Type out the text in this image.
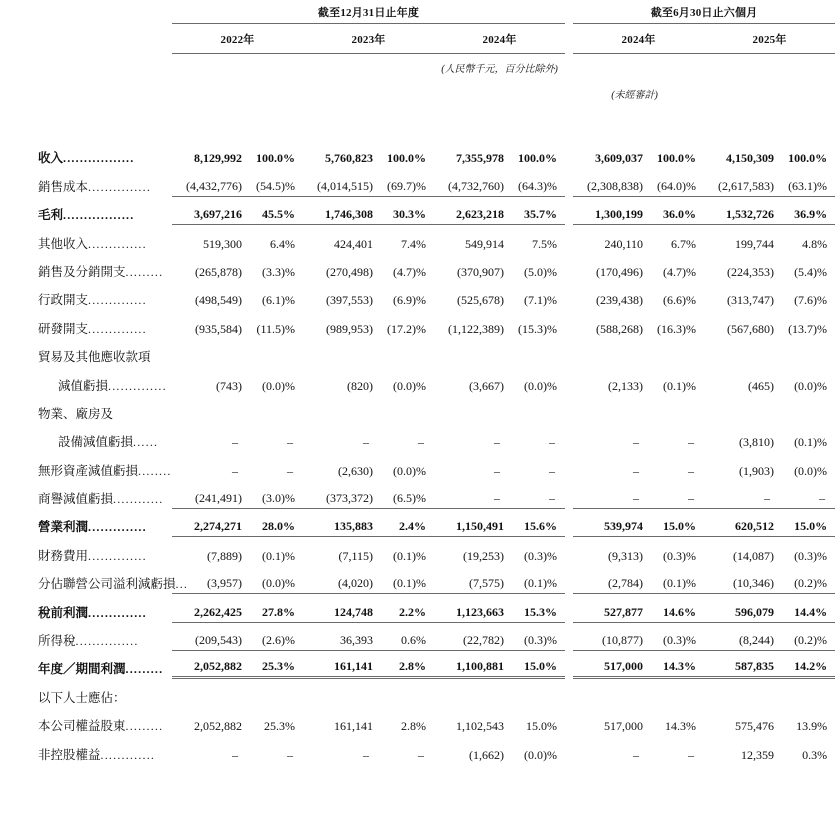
	截至12月31日止年度							截至6月30日止六個月			

	2022年		2023年		2024年			2024年		2025年	

					(人民幣千元，百分比除外)						

							(未經審計)				

收入.................	8,129,992	100.0%	5,760,823	100.0%	7,355,978	100.0%		3,609,037	100.0%	4,150,309	100.0%

銷售成本...............	(4,432,776)	(54.5)%	(4,014,515)	(69.7)%	(4,732,760)	(64.3)%		(2,308,838)	(64.0)%	(2,617,583)	(63.1)%

毛利.................	3,697,216	45.5%	1,746,308	30.3%	2,623,218	35.7%		1,300,199	36.0%	1,532,726	36.9%

其他收入..............	519,300	6.4%	424,401	7.4%	549,914	7.5%		240,110	6.7%	199,744	4.8%

銷售及分銷開支.........	(265,878)	(3.3)%	(270,498)	(4.7)%	(370,907)	(5.0)%		(170,496)	(4.7)%	(224,353)	(5.4)%

行政開支..............	(498,549)	(6.1)%	(397,553)	(6.9)%	(525,678)	(7.1)%		(239,438)	(6.6)%	(313,747)	(7.6)%

研發開支..............	(935,584)	(11.5)%	(989,953)	(17.2)%	(1,122,389)	(15.3)%		(588,268)	(16.3)%	(567,680)	(13.7)%

貿易及其他應收款項											

減值虧損..............	(743)	(0.0)%	(820)	(0.0)%	(3,667)	(0.0)%		(2,133)	(0.1)%	(465)	(0.0)%

物業、廠房及											

設備減值虧損......	–	–	–	–	–	–		–	–	(3,810)	(0.1)%

無形資產減值虧損........	–	–	(2,630)	(0.0)%	–	–		–	–	(1,903)	(0.0)%

商譽減值虧損............	(241,491)	(3.0)%	(373,372)	(6.5)%	–	–		–	–	–	–

營業利潤..............	2,274,271	28.0%	135,883	2.4%	1,150,491	15.6%		539,974	15.0%	620,512	15.0%

財務費用..............	(7,889)	(0.1)%	(7,115)	(0.1)%	(19,253)	(0.3)%		(9,313)	(0.3)%	(14,087)	(0.3)%

分佔聯營公司溢利減虧損...	(3,957)	(0.0)%	(4,020)	(0.1)%	(7,575)	(0.1)%		(2,784)	(0.1)%	(10,346)	(0.2)%

稅前利潤..............	2,262,425	27.8%	124,748	2.2%	1,123,663	15.3%		527,877	14.6%	596,079	14.4%

所得稅...............	(209,543)	(2.6)%	36,393	0.6%	(22,782)	(0.3)%		(10,877)	(0.3)%	(8,244)	(0.2)%

年度／期間利潤.........	2,052,882	25.3%	161,141	2.8%	1,100,881	15.0%		517,000	14.3%	587,835	14.2%

以下人士應佔：											

本公司權益股東.........	2,052,882	25.3%	161,141	2.8%	1,102,543	15.0%		517,000	14.3%	575,476	13.9%

非控股權益.............	–	–	–	–	(1,662)	(0.0)%		–	–	12,359	0.3%
